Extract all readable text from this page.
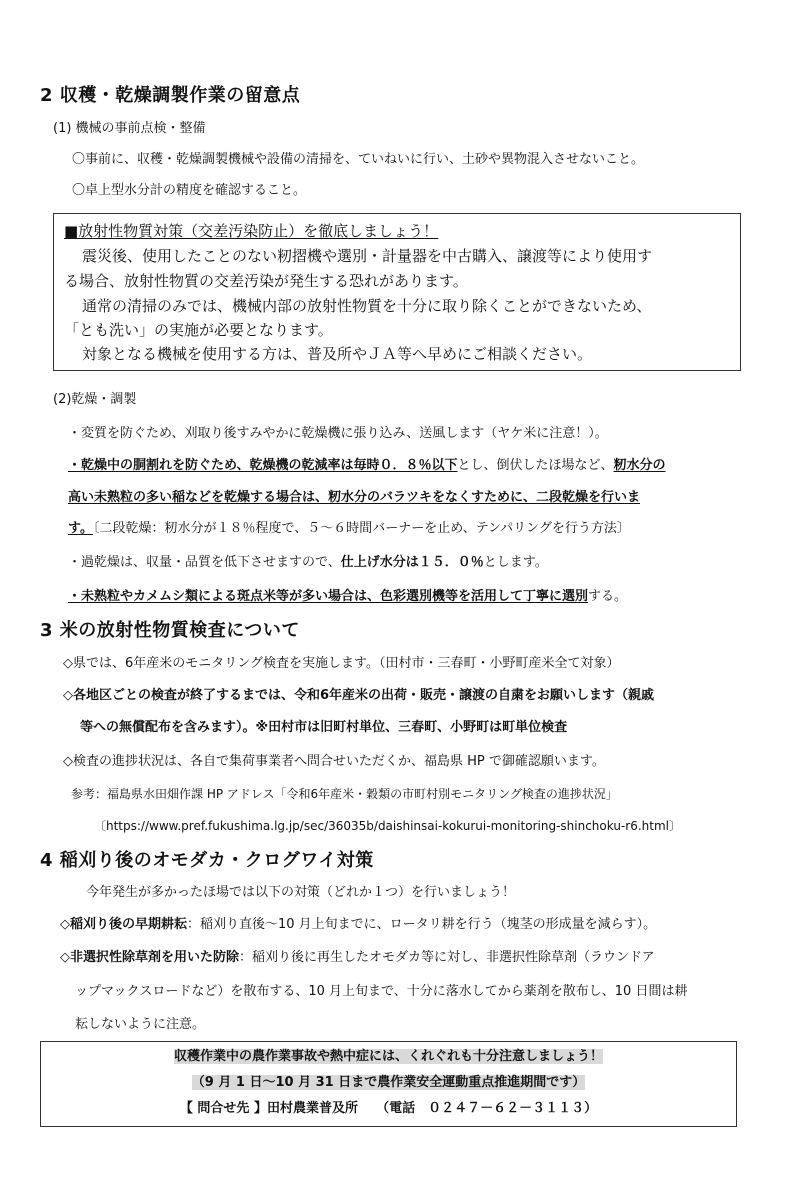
2 収穫・乾燥調製作業の留意点
(1) 機械の事前点検・整備
〇事前に、収穫・乾燥調製機械や設備の清掃を、ていねいに行い、土砂や異物混入させないこと。
〇卓上型水分計の精度を確認すること。
■放射性物質対策（交差汚染防止）を徹底しましょう！
震災後、使用したことのない籾摺機や選別・計量器を中古購入、譲渡等により使用す
る場合、放射性物質の交差汚染が発生する恐れがあります。
通常の清掃のみでは、機械内部の放射性物質を十分に取り除くことができないため、
「とも洗い」の実施が必要となります。
対象となる機械を使用する方は、普及所やＪＡ等へ早めにご相談ください。
(2)乾燥・調製
・変質を防ぐため、刈取り後すみやかに乾燥機に張り込み、送風します（ヤケ米に注意！）。
・乾燥中の胴割れを防ぐため、乾燥機の乾減率は毎時０．８％以下とし、倒伏したほ場など、籾水分の
高い未熟粒の多い稲などを乾燥する場合は、籾水分のバラツキをなくすために、二段乾燥を行いま
す。〔二段乾燥：籾水分が１８％程度で、５～６時間バーナーを止め、テンパリングを行う方法〕
・過乾燥は、収量・品質を低下させますので、仕上げ水分は１５．０％とします。
・未熟粒やカメムシ類による斑点米等が多い場合は、色彩選別機等を活用して丁寧に選別する。
3 米の放射性物質検査について
◇県では、6年産米のモニタリング検査を実施します。（田村市・三春町・小野町産米全て対象）
◇各地区ごとの検査が終了するまでは、令和6年産米の出荷・販売・譲渡の自粛をお願いします（親戚
等への無償配布を含みます）。※田村市は旧町村単位、三春町、小野町は町単位検査
◇検査の進捗状況は、各自で集荷事業者へ問合せいただくか、福島県 HP で御確認願います。
参考：福島県水田畑作課 HP アドレス「令和6年産米・穀類の市町村別モニタリング検査の進捗状況」
〔https://www.pref.fukushima.lg.jp/sec/36035b/daishinsai-kokurui-monitoring-shinchoku-r6.html〕
4 稲刈り後のオモダカ・クログワイ対策
今年発生が多かったほ場では以下の対策（どれか１つ）を行いましょう！
◇稲刈り後の早期耕耘：稲刈り直後～10 月上旬までに、ロータリ耕を行う（塊茎の形成量を減らす）。
◇非選択性除草剤を用いた防除：稲刈り後に再生したオモダカ等に対し、非選択性除草剤（ラウンドア
ップマックスロードなど）を散布する、10 月上旬まで、十分に落水してから薬剤を散布し、10 日間は耕
耘しないように注意。
収穫作業中の農作業事故や熱中症には、くれぐれも十分注意しましょう！
（9 月 1 日～10 月 31 日まで農作業安全運動重点推進期間です）
【 問合せ先 】田村農業普及所 （電話　０２４７－６２－３１１３）
